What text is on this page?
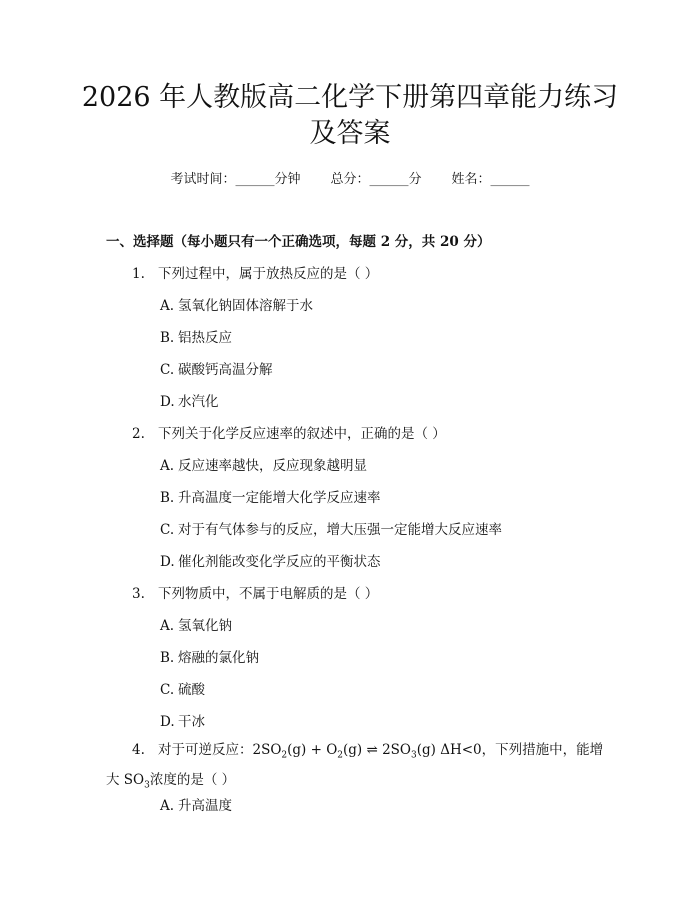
2026 年人教版高二化学下册第四章能力练习
及答案
考试时间：______分钟 总分：______分 姓名：______
一、选择题（每小题只有一个正确选项，每题 2 分，共 20 分）
1. 下列过程中，属于放热反应的是（ ）
A. 氢氧化钠固体溶解于水
B. 铝热反应
C. 碳酸钙高温分解
D. 水汽化
2. 下列关于化学反应速率的叙述中，正确的是（ ）
A. 反应速率越快，反应现象越明显
B. 升高温度一定能增大化学反应速率
C. 对于有气体参与的反应，增大压强一定能增大反应速率
D. 催化剂能改变化学反应的平衡状态
3. 下列物质中，不属于电解质的是（ ）
A. 氢氧化钠
B. 熔融的氯化钠
C. 硫酸
D. 干冰
4. 对于可逆反应：$2SO_2(g) + O_2(g)$ ⇌ $2SO_3(g)$ ΔH<0，下列措施中，能增
大 $SO_3$浓度的是（ ）
A. 升高温度
